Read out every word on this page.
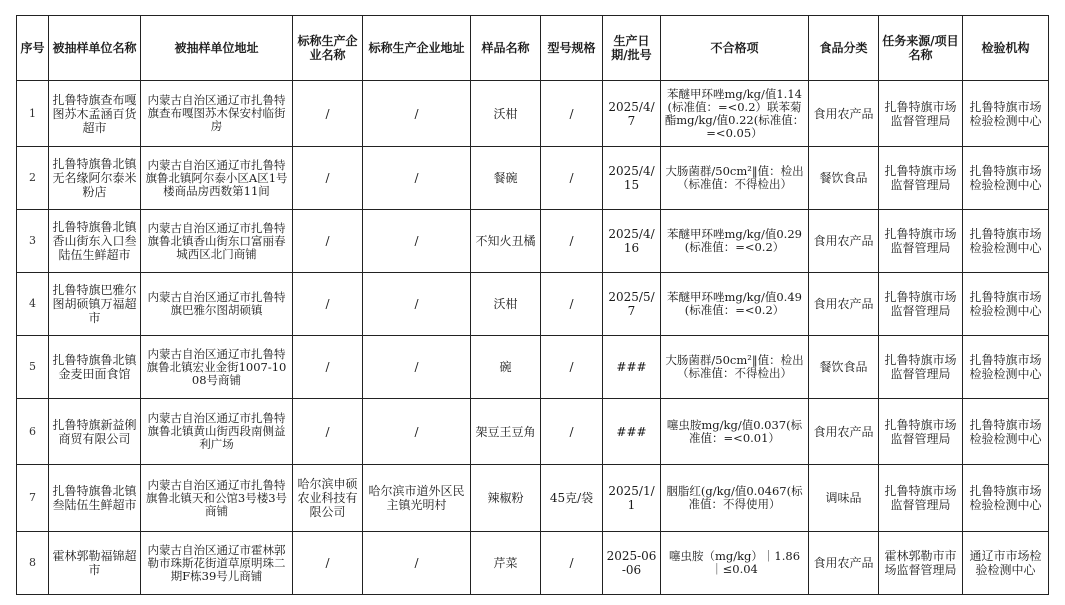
序号	被抽样单位名称	被抽样单位地址	标称生产企业名称	标称生产企业地址	样品名称	型号规格	生产日期/批号	不合格项	食品分类	任务来源/项目名称	检验机构
1	扎鲁特旗查布嘎图苏木孟涵百货超市	内蒙古自治区通辽市扎鲁特旗查布嘎图苏木保安村临街房	/	/	沃柑	/	2025/4/7	苯醚甲环唑mg/kg/值1.14(标准值：=<0.2）联苯菊酯mg/kg/值0.22(标准值：=<0.05）	食用农产品	扎鲁特旗市场监督管理局	扎鲁特旗市场检验检测中心
2	扎鲁特旗鲁北镇无名缘阿尔泰米粉店	内蒙古自治区通辽市扎鲁特旗鲁北镇阿尔泰小区A区1号楼商品房西数第11间	/	/	餐碗	/	2025/4/15	大肠菌群/50cm²‖值：检出（标准值：不得检出）	餐饮食品	扎鲁特旗市场监督管理局	扎鲁特旗市场检验检测中心
3	扎鲁特旗鲁北镇香山街东入口叁陆伍生鲜超市	内蒙古自治区通辽市扎鲁特旗鲁北镇香山街东口富丽春城西区北门商铺	/	/	不知火丑橘	/	2025/4/16	苯醚甲环唑mg/kg/值0.29(标准值：=<0.2）	食用农产品	扎鲁特旗市场监督管理局	扎鲁特旗市场检验检测中心
4	扎鲁特旗巴雅尔图胡硕镇万福超市	内蒙古自治区通辽市扎鲁特旗巴雅尔图胡硕镇	/	/	沃柑	/	2025/5/7	苯醚甲环唑mg/kg/值0.49(标准值：=<0.2）	食用农产品	扎鲁特旗市场监督管理局	扎鲁特旗市场检验检测中心
5	扎鲁特旗鲁北镇金麦田面食馆	内蒙古自治区通辽市扎鲁特旗鲁北镇宏业金街1007-1008号商铺	/	/	碗	/	###	大肠菌群/50cm²‖值：检出（标准值：不得检出）	餐饮食品	扎鲁特旗市场监督管理局	扎鲁特旗市场检验检测中心
6	扎鲁特旗新益俐商贸有限公司	内蒙古自治区通辽市扎鲁特旗鲁北镇黄山街西段南侧益利广场	/	/	架豆王豆角	/	###	噻虫胺mg/kg/值0.037(标准值：=<0.01）	食用农产品	扎鲁特旗市场监督管理局	扎鲁特旗市场检验检测中心
7	扎鲁特旗鲁北镇叁陆伍生鲜超市	内蒙古自治区通辽市扎鲁特旗鲁北镇天和公馆3号楼3号商铺	哈尔滨申硕农业科技有限公司	哈尔滨市道外区民主镇光明村	辣椒粉	45克/袋	2025/1/1	胭脂红(g/kg/值0.0467(标准值：不得使用）	调味品	扎鲁特旗市场监督管理局	扎鲁特旗市场检验检测中心
8	霍林郭勒福锦超市	内蒙古自治区通辽市霍林郭勒市珠斯花街道草原明珠二期F栋39号儿商铺	/	/	芹菜	/	2025-06-06	噻虫胺（mg/kg）｜1.86｜≤0.04	食用农产品	霍林郭勒市市场监督管理局	通辽市市场检验检测中心
